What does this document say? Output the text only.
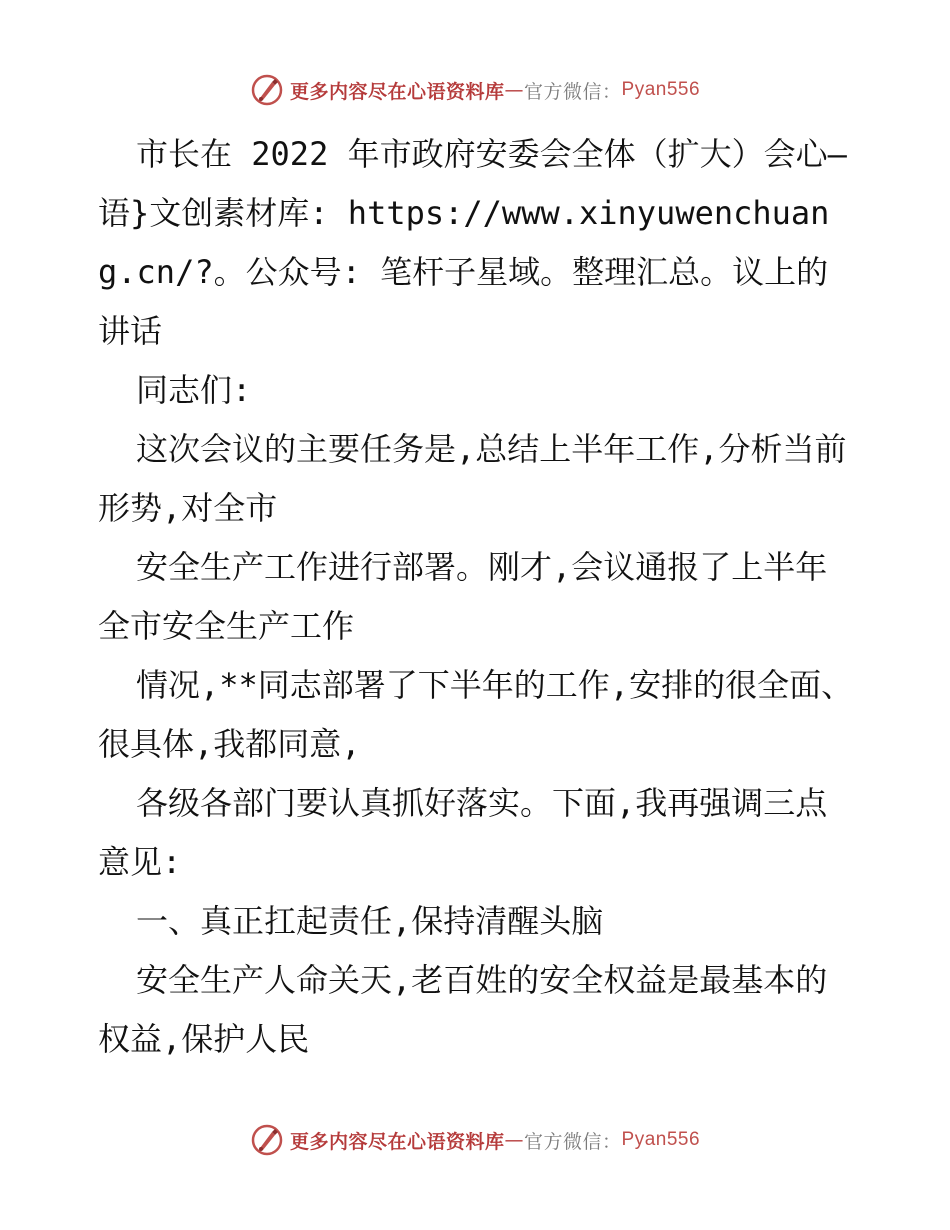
更多内容尽在心语资料库 — 官方微信 ： Pyan556

市长在 2022 年市政府安委会全体（扩大）会心—语}文创素材库: https://www.xinyuwenchuang.cn/?。公众号: 笔杆子星域。整理汇总。议上的讲话

同志们:

这次会议的主要任务是,总结上半年工作,分析当前形势,对全市

安全生产工作进行部署。刚才,会议通报了上半年全市安全生产工作

情况,**同志部署了下半年的工作,安排的很全面、很具体,我都同意,

各级各部门要认真抓好落实。下面,我再强调三点意见:

一、真正扛起责任,保持清醒头脑

安全生产人命关天,老百姓的安全权益是最基本的权益,保护人民

更多内容尽在心语资料库 — 官方微信 ： Pyan556
